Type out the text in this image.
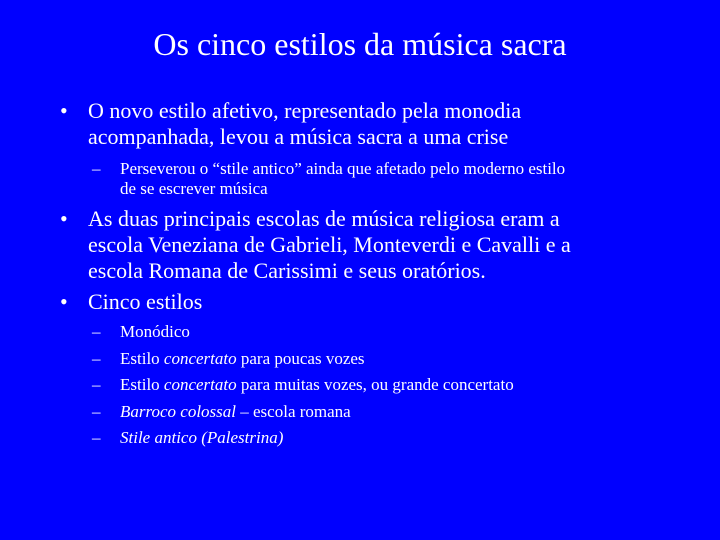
Os cinco estilos da música sacra
• O novo estilo afetivo, representado pela monodia
acompanhada, levou a música sacra a uma crise
–	Perseverou o “stile antico” ainda que afetado pelo moderno estilo
de se escrever música
• As duas principais escolas de música religiosa eram a
escola Veneziana de Gabrieli, Monteverdi e Cavalli e a
escola Romana de Carissimi e seus oratórios.
• Cinco estilos
– Monódico
– Estilo concertato para poucas vozes
– Estilo concertato para muitas vozes, ou grande concertato
– Barroco colossal – escola romana
– Stile antico (Palestrina)
